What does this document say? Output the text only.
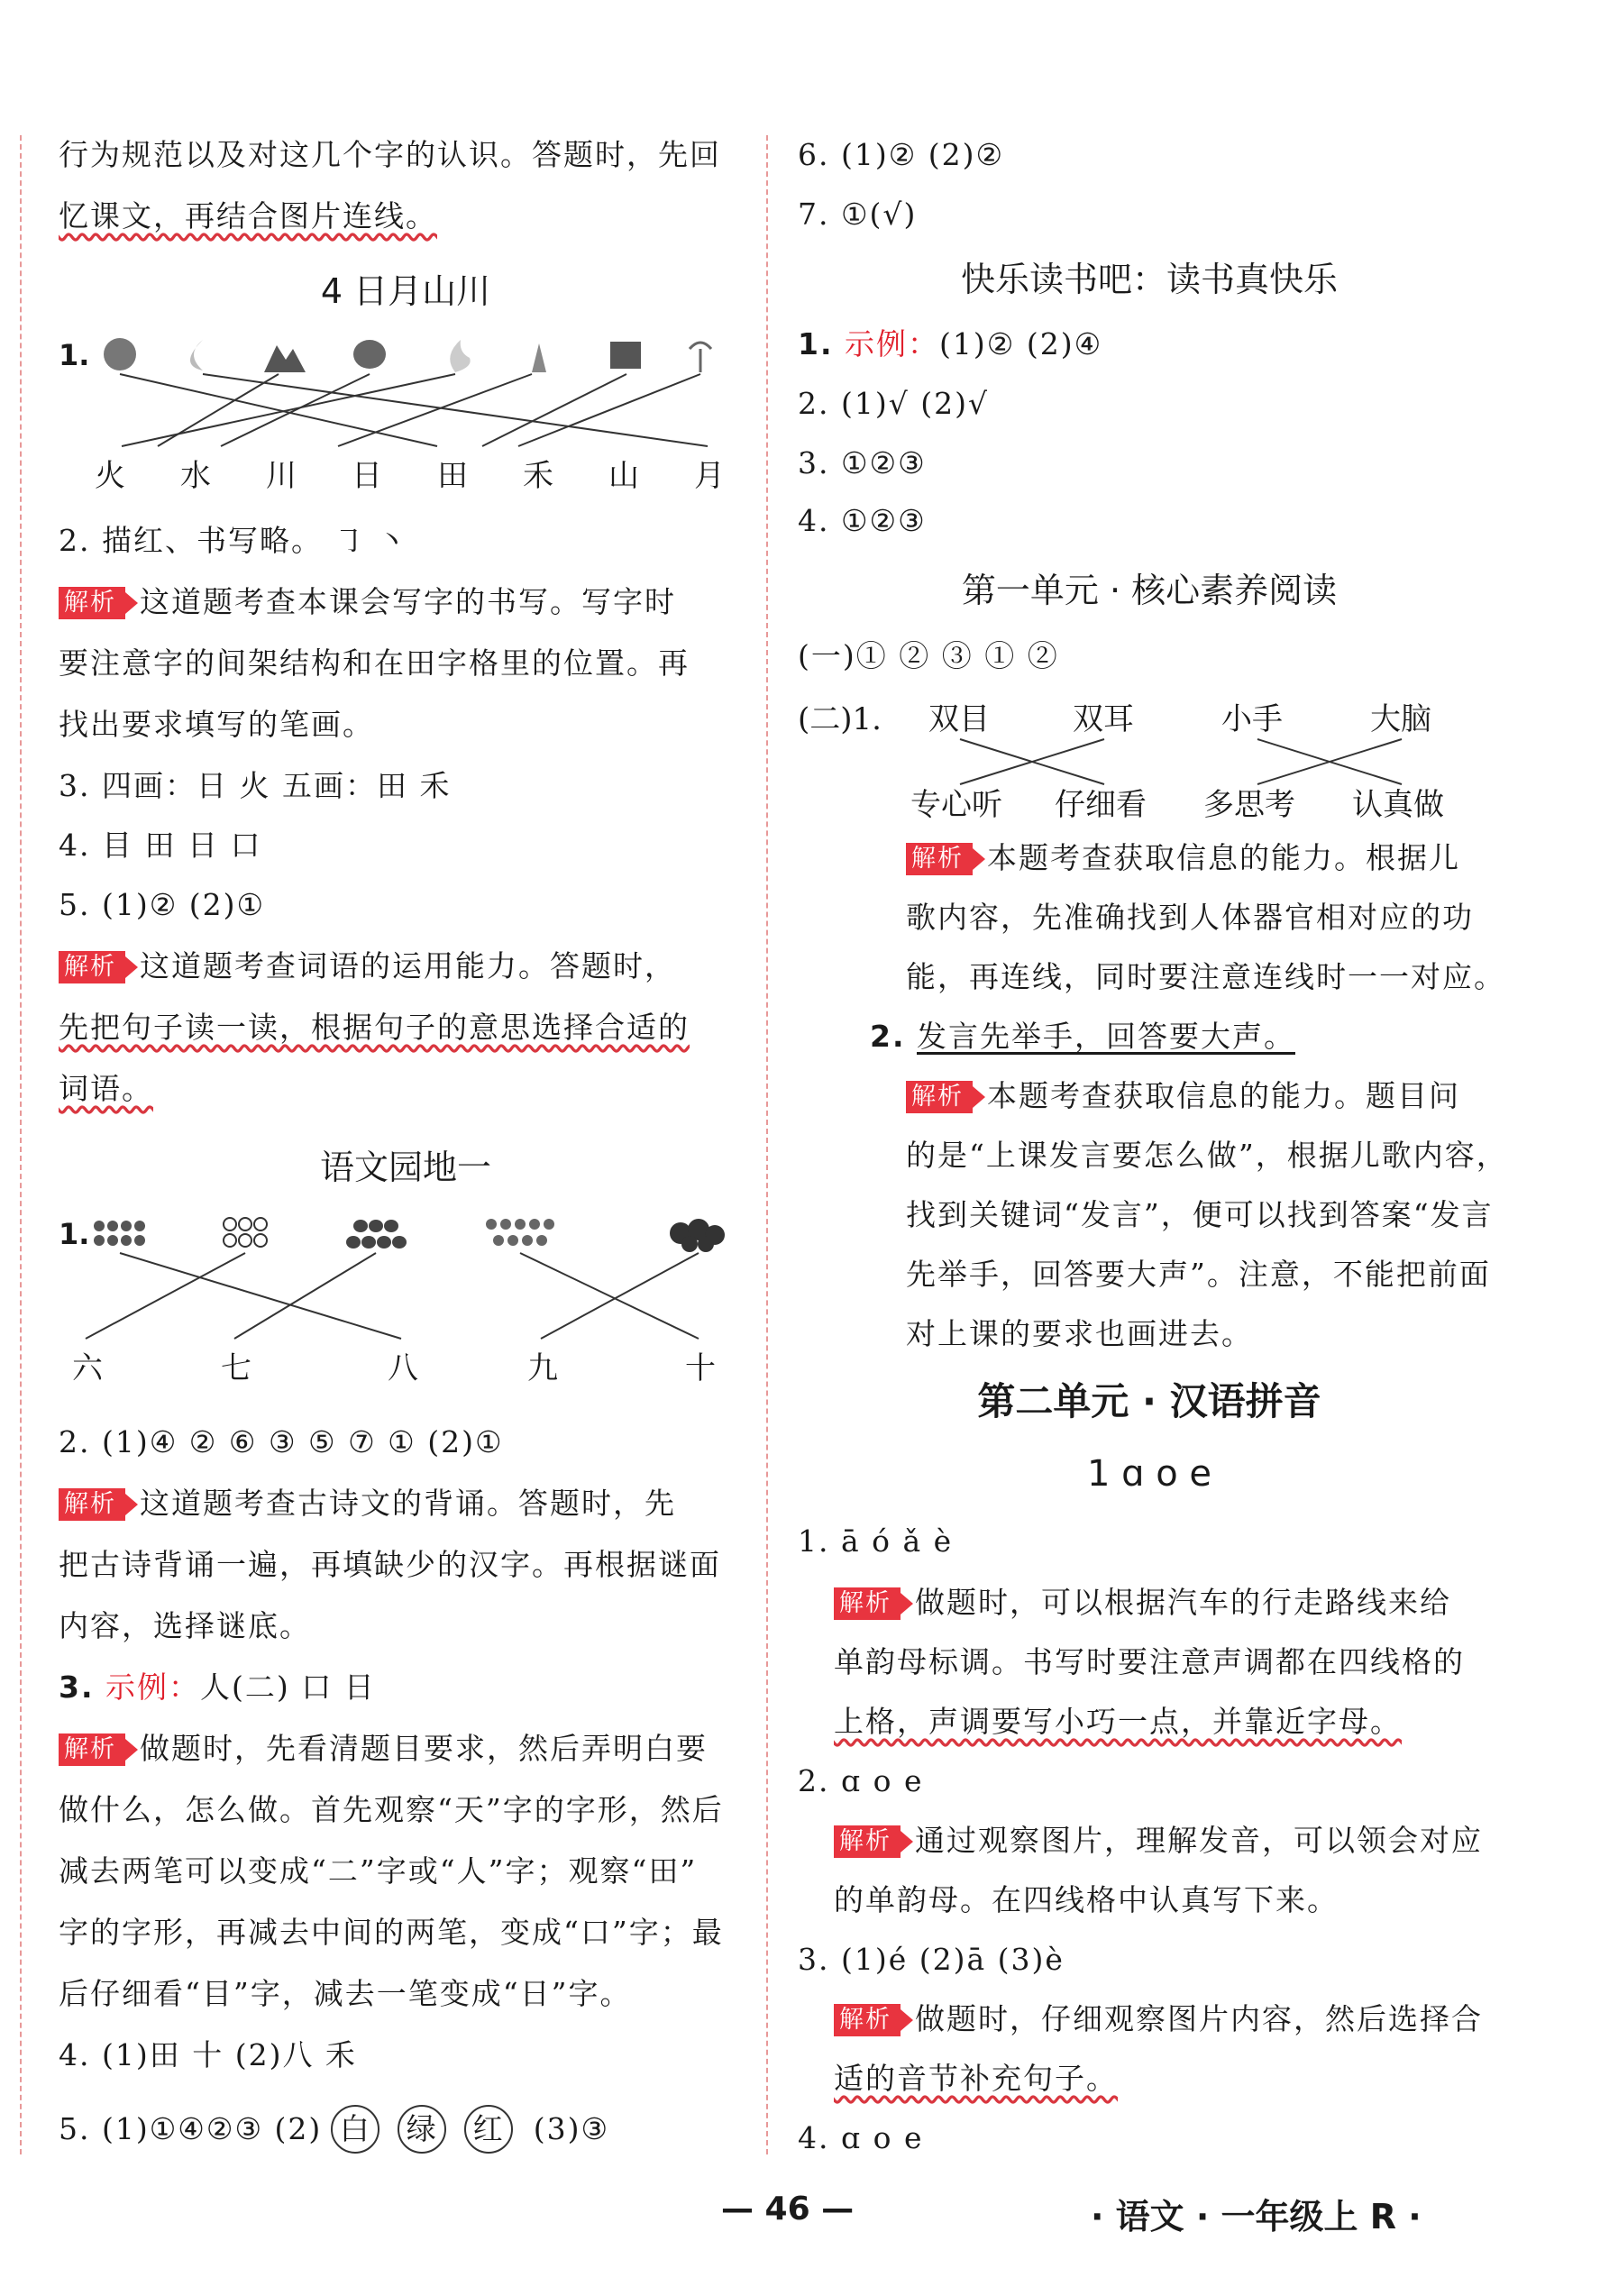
行为规范以及对这几个字的认识。答题时，先回
忆课文，再结合图片连线。
4 日月山川
1.
火 水 川 日 田 禾 山 月
2. 描红、书写略。 ㇆ 丶
解析 这道题考查本课会写字的书写。写字时
要注意字的间架结构和在田字格里的位置。再
找出要求填写的笔画。
3. 四画：日 火 五画：田 禾
4. 目 田 日 口
5. (1)② (2)①
解析 这道题考查词语的运用能力。答题时，
先把句子读一读，根据句子的意思选择合适的
词语。
语文园地一
1.
六	七	八	九	十
2. (1)④ ② ⑥ ③ ⑤ ⑦ ① (2)①
解析 这道题考查古诗文的背诵。答题时，先
把古诗背诵一遍，再填缺少的汉字。再根据谜面
内容，选择谜底。
3. 示例：人(二) 口 日
解析 做题时，先看清题目要求，然后弄明白要
做什么，怎么做。首先观察“天”字的字形，然后
减去两笔可以变成“二”字或“人”字；观察“田”
字的字形，再减去中间的两笔，变成“口”字；最
后仔细看“目”字，减去一笔变成“日”字。
4. (1)田 十 (2)八 禾
5. (1)①④②③ (2) 白 绿 红 (3)③
6. (1)② (2)②
7. ①(√)
快乐读书吧：读书真快乐
1. 示例：(1)② (2)④
2. (1)√ (2)√
3. ①②③
4. ①②③
第一单元 · 核心素养阅读
(一)① ② ③ ① ②
(二)1. 双目	双耳	小手	大脑
专心听 仔细看 多思考 认真做
解析 本题考查获取信息的能力。根据儿
歌内容，先准确找到人体器官相对应的功
能，再连线，同时要注意连线时一一对应。
2. 发言先举手，回答要大声。
解析 本题考查获取信息的能力。题目问
的是“上课发言要怎么做”，根据儿歌内容，
找到关键词“发言”，便可以找到答案“发言
先举手，回答要大声”。注意，不能把前面
对上课的要求也画进去。
第二单元 · 汉语拼音
1 ɑ o e
1. ā ó ǎ è
解析 做题时，可以根据汽车的行走路线来给
单韵母标调。书写时要注意声调都在四线格的
上格，声调要写小巧一点，并靠近字母。
2. ɑ o e
解析 通过观察图片，理解发音，可以领会对应
的单韵母。在四线格中认真写下来。
3. (1)é (2)ā (3)è
解析 做题时，仔细观察图片内容，然后选择合
适的音节补充句子。
4. ɑ o e
— 46 —	· 语文 · 一年级上 R ·
